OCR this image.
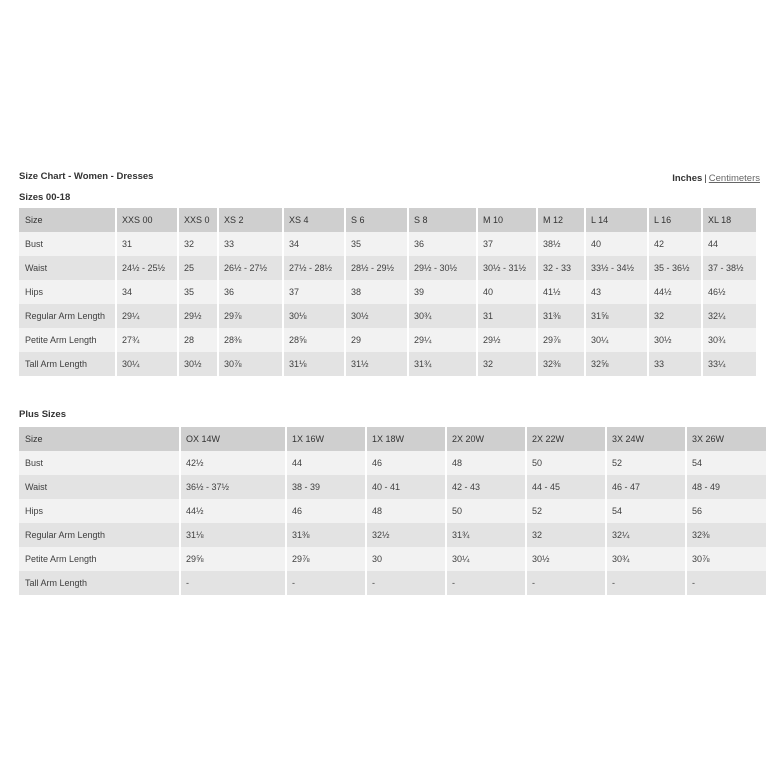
Size Chart - Women - Dresses	Inches | Centimeters
Sizes 00-18
Size	XXS 00	XXS 0	XS 2	XS 4	S 6	S 8	M 10	M 12	L 14	L 16	XL 18
Bust	31	32	33	34	35	36	37	38½	40	42	44
Waist	24½ - 25½	25	26½ - 27½	27½ - 28½	28½ - 29½	29½ - 30½	30½ - 31½	32 - 33	33½ - 34½	35 - 36½	37 - 38½
Hips	34	35	36	37	38	39	40	41½	43	44½	46½
Regular Arm Length	29¼	29½	29⅞	30⅛	30½	30¾	31	31⅜	31⅝	32	32¼
Petite Arm Length	27¾	28	28⅜	28⅝	29	29¼	29½	29⅞	30¼	30½	30¾
Tall Arm Length	30¼	30½	30⅞	31⅛	31½	31¾	32	32⅜	32⅝	33	33¼
Plus Sizes
Size	OX 14W	1X 16W	1X 18W	2X 20W	2X 22W	3X 24W	3X 26W
Bust	42½	44	46	48	50	52	54
Waist	36½ - 37½	38 - 39	40 - 41	42 - 43	44 - 45	46 - 47	48 - 49
Hips	44½	46	48	50	52	54	56
Regular Arm Length	31⅛	31⅜	32½	31¾	32	32¼	32⅜
Petite Arm Length	29⅝	29⅞	30	30¼	30½	30¾	30⅞
Tall Arm Length	-	-	-	-	-	-	-
